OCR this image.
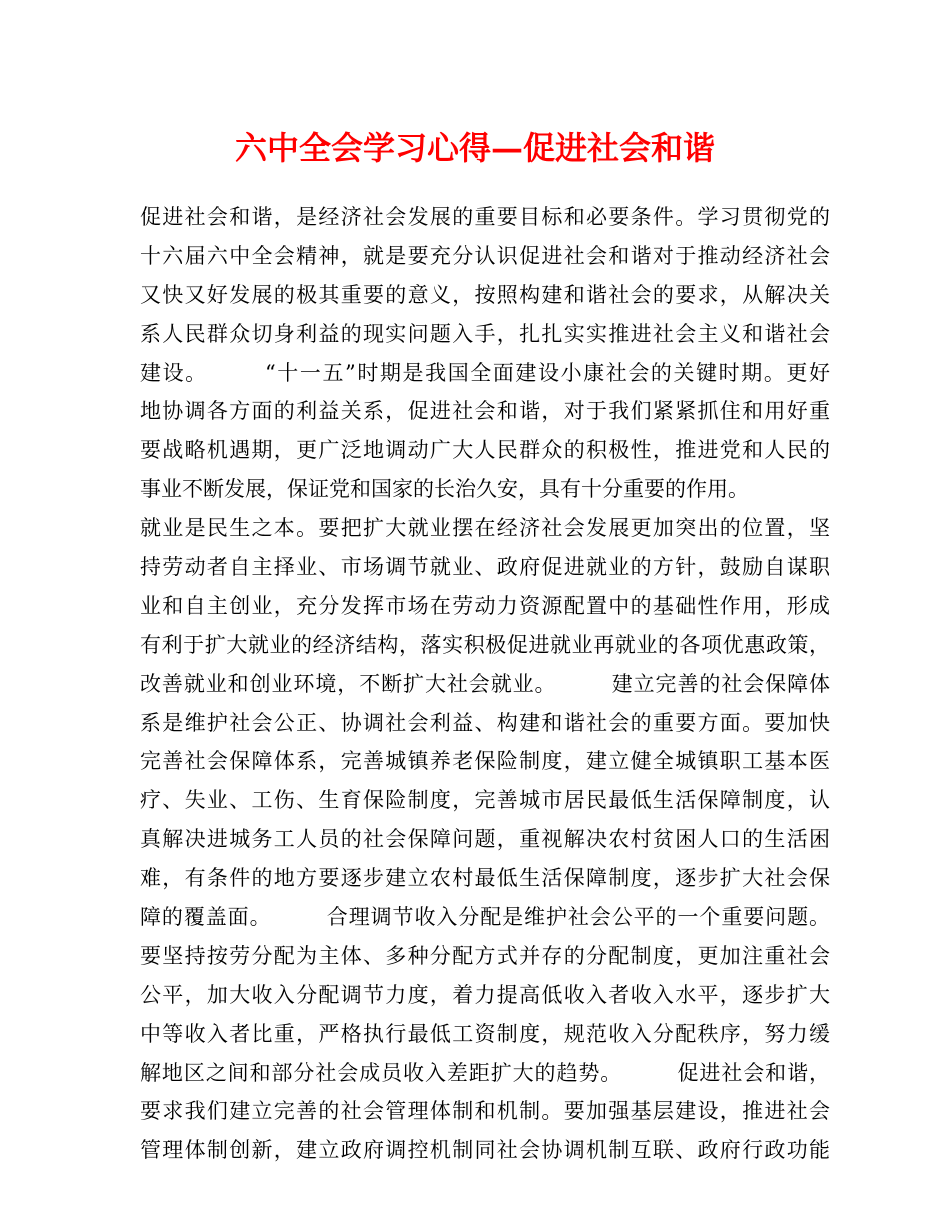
六中全会学习心得—促进社会和谐
促进社会和谐，是经济社会发展的重要目标和必要条件。学习贯彻党的
十六届六中全会精神，就是要充分认识促进社会和谐对于推动经济社会
又快又好发展的极其重要的意义，按照构建和谐社会的要求，从解决关
系人民群众切身利益的现实问题入手，扎扎实实推进社会主义和谐社会
建设。　　　“十一五”时期是我国全面建设小康社会的关键时期。更好
地协调各方面的利益关系，促进社会和谐，对于我们紧紧抓住和用好重
要战略机遇期，更广泛地调动广大人民群众的积极性，推进党和人民的
事业不断发展，保证党和国家的长治久安，具有十分重要的作用。　
就业是民生之本。要把扩大就业摆在经济社会发展更加突出的位置，坚
持劳动者自主择业、市场调节就业、政府促进就业的方针，鼓励自谋职
业和自主创业，充分发挥市场在劳动力资源配置中的基础性作用，形成
有利于扩大就业的经济结构，落实积极促进就业再就业的各项优惠政策，
改善就业和创业环境，不断扩大社会就业。　　　建立完善的社会保障体
系是维护社会公正、协调社会利益、构建和谐社会的重要方面。要加快
完善社会保障体系，完善城镇养老保险制度，建立健全城镇职工基本医
疗、失业、工伤、生育保险制度，完善城市居民最低生活保障制度，认
真解决进城务工人员的社会保障问题，重视解决农村贫困人口的生活困
难，有条件的地方要逐步建立农村最低生活保障制度，逐步扩大社会保
障的覆盖面。　　　合理调节收入分配是维护社会公平的一个重要问题。
要坚持按劳分配为主体、多种分配方式并存的分配制度，更加注重社会
公平，加大收入分配调节力度，着力提高低收入者收入水平，逐步扩大
中等收入者比重，严格执行最低工资制度，规范收入分配秩序，努力缓
解地区之间和部分社会成员收入差距扩大的趋势。　　　促进社会和谐，
要求我们建立完善的社会管理体制和机制。要加强基层建设，推进社会
管理体制创新，建立政府调控机制同社会协调机制互联、政府行政功能
